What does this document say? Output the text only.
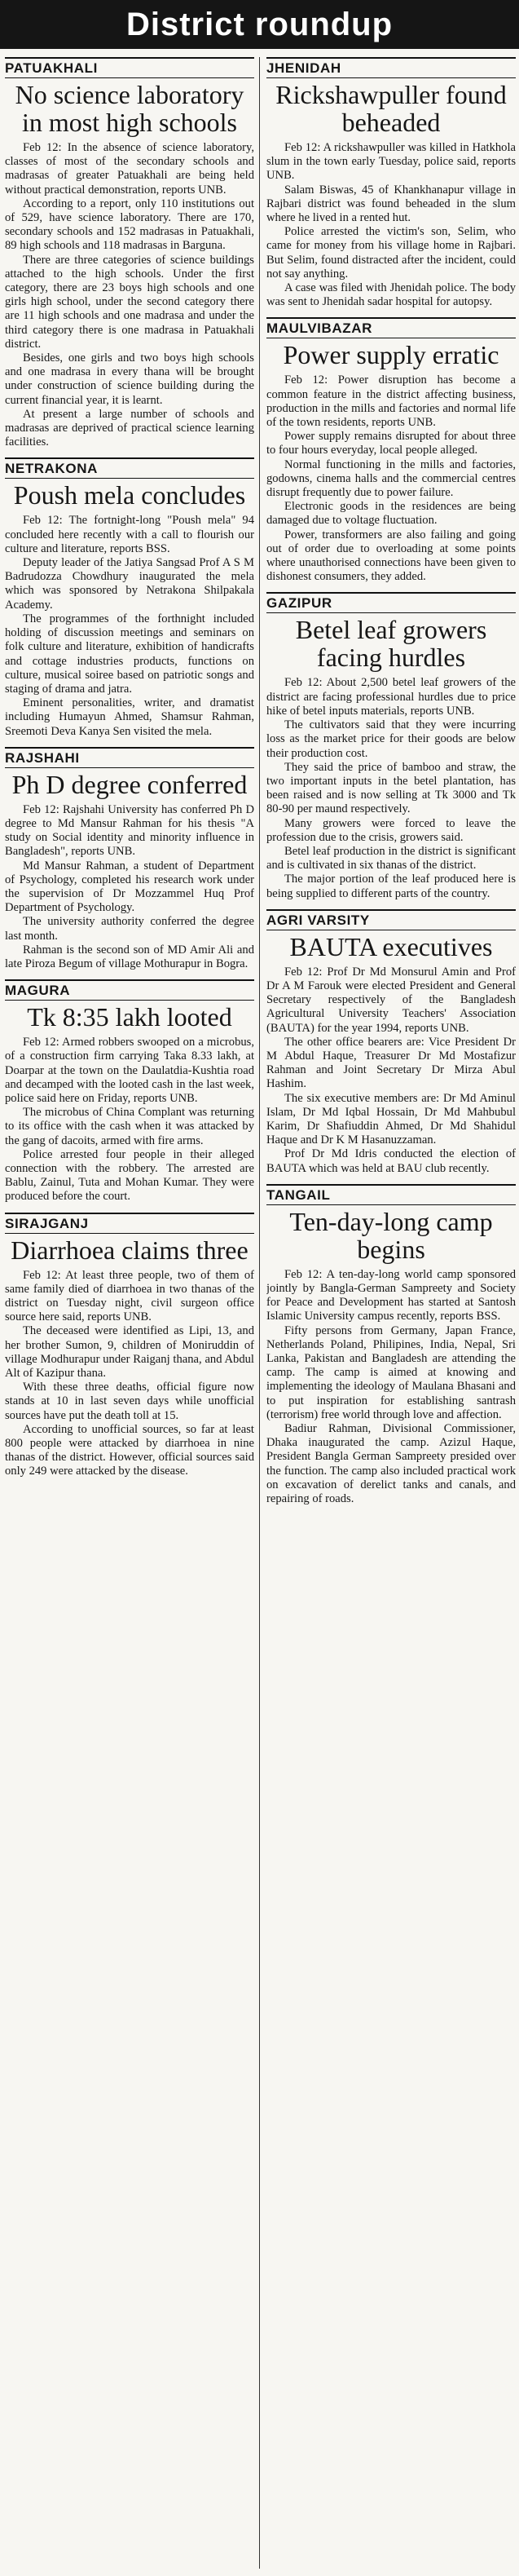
District roundup
PATUAKHALI
No science laboratory in most high schools

Feb 12: In the absence of science laboratory, classes of most of the secondary schools and madrasas of greater Patuakhali are being held without practical demonstration, reports UNB.

According to a report, only 110 institutions out of 529, have science laboratory. There are 170, secondary schools and 152 madrasas in Patuakhali, 89 high schools and 118 madrasas in Barguna.

There are three categories of science buildings attached to the high schools. Under the first category, there are 23 boys high schools and one girls high school, under the second category there are 11 high schools and one madrasa and under the third category there is one madrasa in Patuakhali district.

Besides, one girls and two boys high schools and one madrasa in every thana will be brought under construction of science building during the current financial year, it is learnt.

At present a large number of schools and madrasas are deprived of practical science learning facilities.

NETRAKONA
Poush mela concludes

Feb 12: The fortnight-long "Poush mela" 94 concluded here recently with a call to flourish our culture and literature, reports BSS.

Deputy leader of the Jatiya Sangsad Prof A S M Badrudozza Chowdhury inaugurated the mela which was sponsored by Netrakona Shilpakala Academy.

The programmes of the forthnight included holding of discussion meetings and seminars on folk culture and literature, exhibition of handicrafts and cottage industries products, functions on culture, musical soiree based on patriotic songs and staging of drama and jatra.

Eminent personalities, writer, and dramatist including Humayun Ahmed, Shamsur Rahman, Sreemoti Deva Kanya Sen visited the mela.

RAJSHAHI
Ph D degree conferred

Feb 12: Rajshahi University has conferred Ph D degree to Md Mansur Rahman for his thesis "A study on Social identity and minority influence in Bangladesh", reports UNB.

Md Mansur Rahman, a student of Department of Psychology, completed his research work under the supervision of Dr Mozzammel Huq Prof Department of Psychology.

The university authority conferred the degree last month.

Rahman is the second son of MD Amir Ali and late Piroza Begum of village Mothurapur in Bogra.

MAGURA
Tk 8:35 lakh looted

Feb 12: Armed robbers swooped on a microbus, of a construction firm carrying Taka 8.33 lakh, at Doarpar at the town on the Daulatdia-Kushtia road and decamped with the looted cash in the last week, police said here on Friday, reports UNB.

The microbus of China Complant was returning to its office with the cash when it was attacked by the gang of dacoits, armed with fire arms.

Police arrested four people in their alleged connection with the robbery. The arrested are Bablu, Zainul, Tuta and Mohan Kumar. They were produced before the court.

SIRAJGANJ
Diarrhoea claims three

Feb 12: At least three people, two of them of same family died of diarrhoea in two thanas of the district on Tuesday night, civil surgeon office source here said, reports UNB.

The deceased were identified as Lipi, 13, and her brother Sumon, 9, children of Moniruddin of village Modhurapur under Raiganj thana, and Abdul Alt of Kazipur thana.

With these three deaths, official figure now stands at 10 in last seven days while unofficial sources have put the death toll at 15.

According to unofficial sources, so far at least 800 people were attacked by diarrhoea in nine thanas of the district. However, official sources said only 249 were attacked by the disease.

JHENIDAH
Rickshawpuller found beheaded

Feb 12: A rickshawpuller was killed in Hatkhola slum in the town early Tuesday, police said, reports UNB.

Salam Biswas, 45 of Khankhanapur village in Rajbari district was found beheaded in the slum where he lived in a rented hut.

Police arrested the victim's son, Selim, who came for money from his village home in Rajbari. But Selim, found distracted after the incident, could not say anything.

A case was filed with Jhenidah police. The body was sent to Jhenidah sadar hospital for autopsy.

MAULVIBAZAR
Power supply erratic

Feb 12: Power disruption has become a common feature in the district affecting business, production in the mills and factories and normal life of the town residents, reports UNB.

Power supply remains disrupted for about three to four hours everyday, local people alleged.

Normal functioning in the mills and factories, godowns, cinema halls and the commercial centres disrupt frequently due to power failure.

Electronic goods in the residences are being damaged due to voltage fluctuation.

Power, transformers are also failing and going out of order due to overloading at some points where unauthorised connections have been given to dishonest consumers, they added.

GAZIPUR
Betel leaf growers facing hurdles

Feb 12: About 2,500 betel leaf growers of the district are facing professional hurdles due to price hike of betel inputs materials, reports UNB.

The cultivators said that they were incurring loss as the market price for their goods are below their production cost.

They said the price of bamboo and straw, the two important inputs in the betel plantation, has been raised and is now selling at Tk 3000 and Tk 80-90 per maund respectively.

Many growers were forced to leave the profession due to the crisis, growers said.

Betel leaf production in the district is significant and is cultivated in six thanas of the district.

The major portion of the leaf produced here is being supplied to different parts of the country.

AGRI VARSITY
BAUTA executives

Feb 12: Prof Dr Md Monsurul Amin and Prof Dr A M Farouk were elected President and General Secretary respectively of the Bangladesh Agricultural University Teachers' Association (BAUTA) for the year 1994, reports UNB.

The other office bearers are: Vice President Dr M Abdul Haque, Treasurer Dr Md Mostafizur Rahman and Joint Secretary Dr Mirza Abul Hashim.

The six executive members are: Dr Md Aminul Islam, Dr Md Iqbal Hossain, Dr Md Mahbubul Karim, Dr Shafiuddin Ahmed, Dr Md Shahidul Haque and Dr K M Hasanuzzaman.

Prof Dr Md Idris conducted the election of BAUTA which was held at BAU club recently.

TANGAIL
Ten-day-long camp begins

Feb 12: A ten-day-long world camp sponsored jointly by Bangla-German Sampreety and Society for Peace and Development has started at Santosh Islamic University campus recently, reports BSS.

Fifty persons from Germany, Japan France, Netherlands Poland, Philipines, India, Nepal, Sri Lanka, Pakistan and Bangladesh are attending the camp. The camp is aimed at knowing and implementing the ideology of Maulana Bhasani and to put inspiration for establishing santrash (terrorism) free world through love and affection.

Badiur Rahman, Divisional Commissioner, Dhaka inaugurated the camp. Azizul Haque, President Bangla German Sampreety presided over the function. The camp also included practical work on excavation of derelict tanks and canals, and repairing of roads.
